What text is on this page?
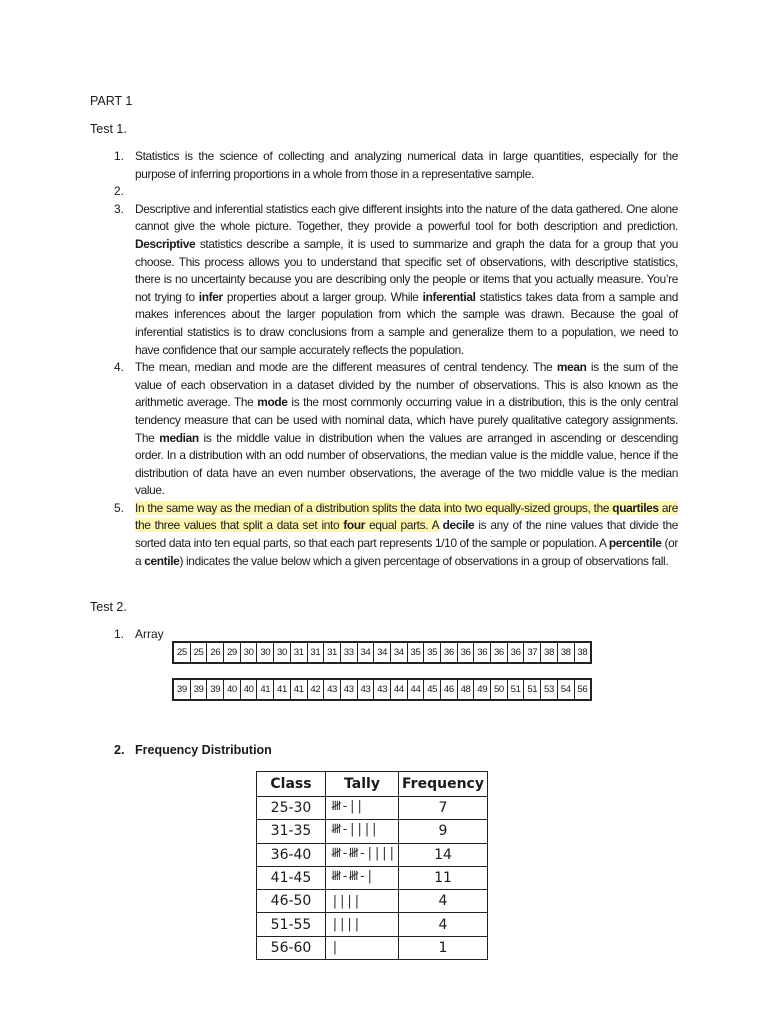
PART 1
Test 1.
1. Statistics is the science of collecting and analyzing numerical data in large quantities, especially for the purpose of inferring proportions in a whole from those in a representative sample.
2.

3. Descriptive and inferential statistics each give different insights into the nature of the data gathered. One alone cannot give the whole picture. Together, they provide a powerful tool for both description and prediction. Descriptive statistics describe a sample, it is used to summarize and graph the data for a group that you choose. This process allows you to understand that specific set of observations, with descriptive statistics, there is no uncertainty because you are describing only the people or items that you actually measure. You’re not trying to infer properties about a larger group. While inferential statistics takes data from a sample and makes inferences about the larger population from which the sample was drawn. Because the goal of inferential statistics is to draw conclusions from a sample and generalize them to a population, we need to have confidence that our sample accurately reflects the population.
4. The mean, median and mode are the different measures of central tendency. The mean is the sum of the value of each observation in a dataset divided by the number of observations. This is also known as the arithmetic average. The mode is the most commonly occurring value in a distribution, this is the only central tendency measure that can be used with nominal data, which have purely qualitative category assignments. The median is the middle value in distribution when the values are arranged in ascending or descending order. In a distribution with an odd number of observations, the median value is the middle value, hence if the distribution of data have an even number observations, the average of the two middle value is the median value.
5. In the same way as the median of a distribution splits the data into two equally-sized groups, the quartiles are the three values that split a data set into four equal parts. A decile is any of the nine values that divide the sorted data into ten equal parts, so that each part represents 1/10 of the sample or population. A percentile (or a centile) indicates the value below which a given percentage of observations in a group of observations fall.
Test 2.
1. Array
25	25	26	29	30	30	30	31	31	31	33	34	34	34	35	35	36	36	36	36	36	37	38	38	38
39	39	39	40	40	41	41	41	42	43	43	43	43	44	44	45	46	48	49	50	51	51	53	54	56
2. Frequency Distribution
Class	Tally	Frequency
25-30	𝍸-||	7
31-35	𝍸-||||	9
36-40	𝍸-𝍸-||||	14
41-45	𝍸-𝍸-|	11
46-50	||||	4
51-55	||||	4
56-60	|	1
